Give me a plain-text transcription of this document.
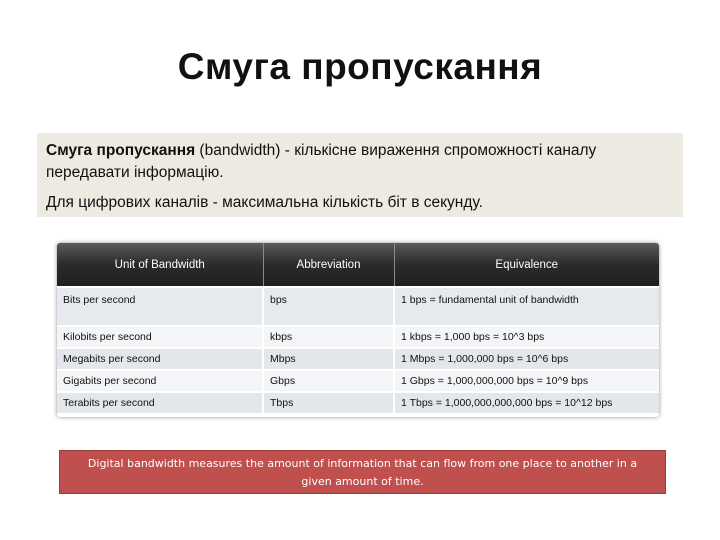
Смуга пропускання

Смуга пропускання (bandwidth) - кількісне вираження спроможності каналу передавати інформацію.

Для цифрових каналів - максимальна кількість біт в секунду.

Unit of Bandwidth	Abbreviation	Equivalence
Bits per second	bps	1 bps = fundamental unit of bandwidth
Kilobits per second	kbps	1 kbps = 1,000 bps = 10^3 bps
Megabits per second	Mbps	1 Mbps = 1,000,000 bps = 10^6 bps
Gigabits per second	Gbps	1 Gbps = 1,000,000,000 bps = 10^9 bps
Terabits per second	Tbps	1 Tbps = 1,000,000,000,000 bps = 10^12 bps
Digital bandwidth measures the amount of information that can flow from one place to another in a given amount of time.
